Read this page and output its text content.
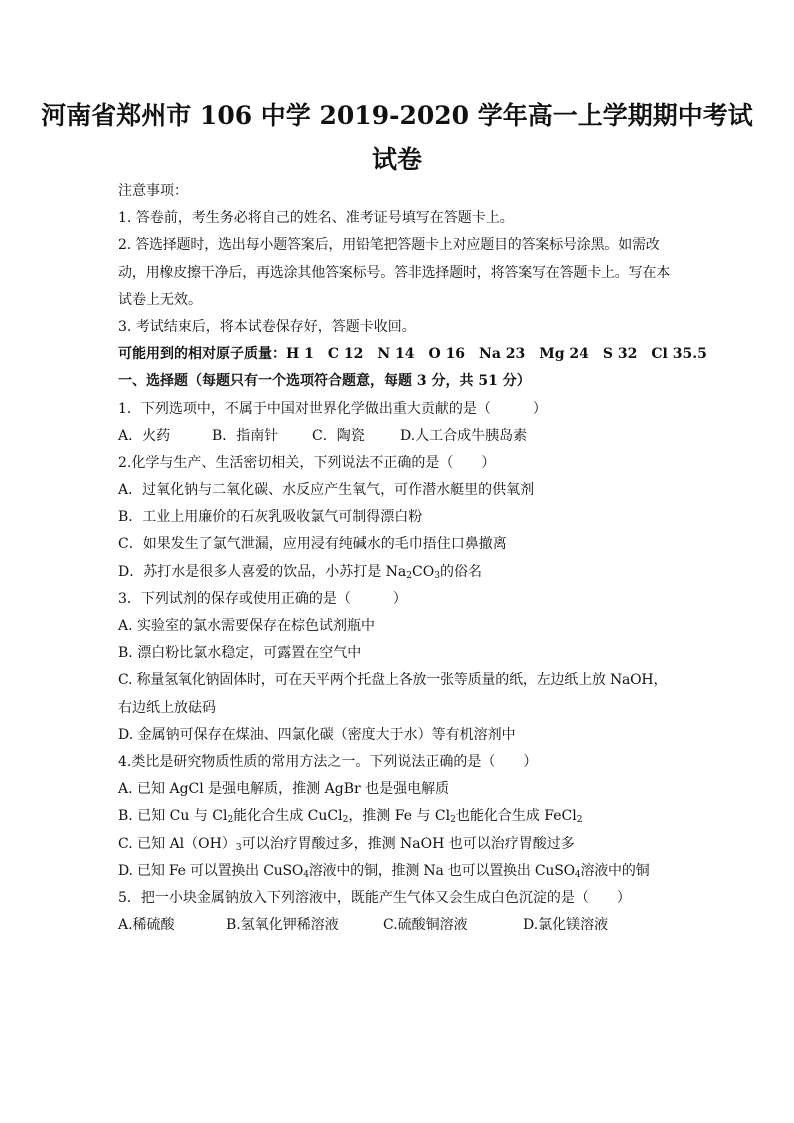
河南省郑州市 106 中学 2019-2020 学年高一上学期期中考试
试卷
注意事项：
1. 答卷前，考生务必将自己的姓名、准考证号填写在答题卡上。
2. 答选择题时，选出每小题答案后，用铅笔把答题卡上对应题目的答案标号涂黑。如需改
动，用橡皮擦干净后，再选涂其他答案标号。答非选择题时，将答案写在答题卡上。写在本
试卷上无效。
3. 考试结束后，将本试卷保存好，答题卡收回。
可能用到的相对原子质量：H 1　C 12　N 14　O 16　Na 23　Mg 24　S 32　Cl 35.5
一、选择题（每题只有一个选项符合题意，每题 3 分，共 51 分）
1．下列选项中，不属于中国对世界化学做出重大贡献的是（　　　）
A．火药	B．指南针	C．陶瓷	D.人工合成牛胰岛素
2.化学与生产、生活密切相关，下列说法不正确的是（　　）
A．过氧化钠与二氧化碳、水反应产生氧气，可作潜水艇里的供氧剂
B．工业上用廉价的石灰乳吸收氯气可制得漂白粉
C．如果发生了氯气泄漏，应用浸有纯碱水的毛巾捂住口鼻撤离
D．苏打水是很多人喜爱的饮品，小苏打是 $Na_2CO_3$的俗名
3．下列试剂的保存或使用正确的是（　　　）
A. 实验室的氯水需要保存在棕色试剂瓶中
B. 漂白粉比氯水稳定，可露置在空气中
C. 称量氢氧化钠固体时，可在天平两个托盘上各放一张等质量的纸，左边纸上放 NaOH，
右边纸上放砝码
D. 金属钠可保存在煤油、四氯化碳（密度大于水）等有机溶剂中
4.类比是研究物质性质的常用方法之一。下列说法正确的是（　　）
A. 已知 AgCl 是强电解质，推测 AgBr 也是强电解质
B. 已知 Cu 与 $Cl_2$能化合生成 CuCl$_2$，推测 Fe 与 $Cl_2$也能化合生成 FeCl$_2$
C. 已知 $Al(OH)_3$可以治疗胃酸过多，推测 NaOH 也可以治疗胃酸过多
D. 已知 Fe 可以置换出 CuSO$_4$溶液中的铜，推测 Na 也可以置换出 CuSO$_4$溶液中的铜
5．把一小块金属钠放入下列溶液中，既能产生气体又会生成白色沉淀的是（　　）
A.稀硫酸	B.氢氧化钾稀溶液	C.硫酸铜溶液	D.氯化镁溶液
